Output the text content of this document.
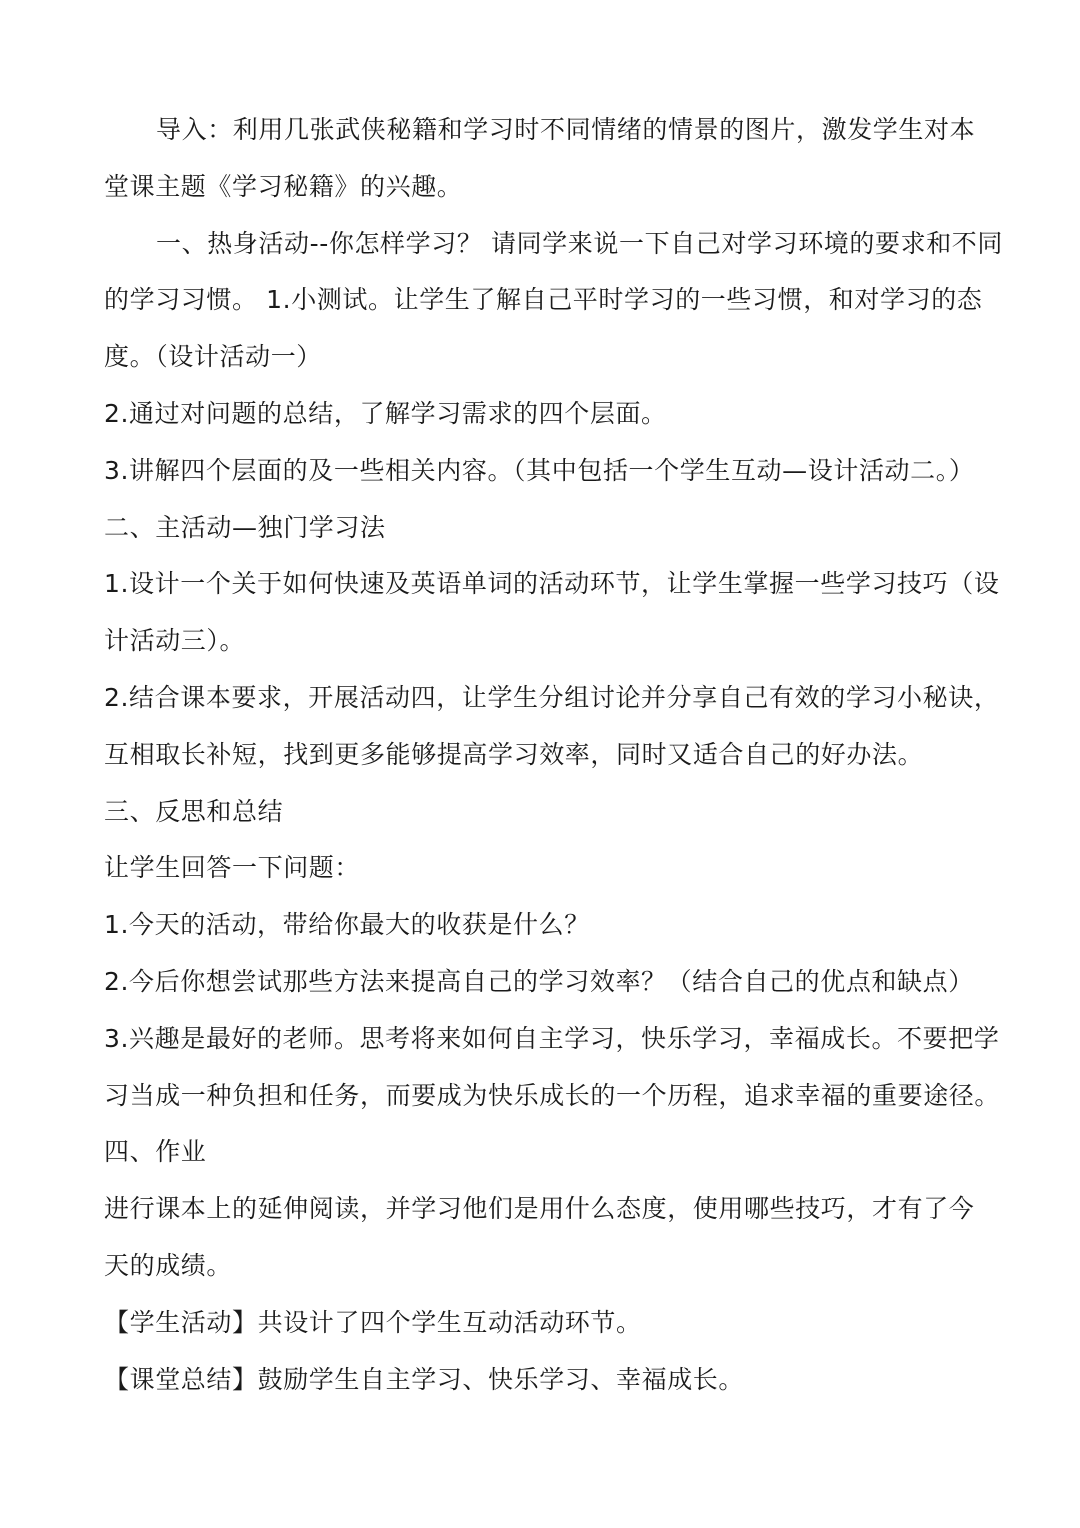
导入：利用几张武侠秘籍和学习时不同情绪的情景的图片，激发学生对本
堂课主题《学习秘籍》的兴趣。
一、热身活动--你怎样学习？ 请同学来说一下自己对学习环境的要求和不同
的学习习惯。 1.小测试。让学生了解自己平时学习的一些习惯，和对学习的态
度。（设计活动一）
2.通过对问题的总结，了解学习需求的四个层面。
3.讲解四个层面的及一些相关内容。（其中包括一个学生互动—设计活动二。）
二、主活动—独门学习法
1.设计一个关于如何快速及英语单词的活动环节，让学生掌握一些学习技巧（设
计活动三）。
2.结合课本要求，开展活动四，让学生分组讨论并分享自己有效的学习小秘诀，
互相取长补短，找到更多能够提高学习效率，同时又适合自己的好办法。
三、反思和总结
让学生回答一下问题：
1.今天的活动，带给你最大的收获是什么？
2.今后你想尝试那些方法来提高自己的学习效率？（结合自己的优点和缺点）
3.兴趣是最好的老师。思考将来如何自主学习，快乐学习，幸福成长。不要把学
习当成一种负担和任务，而要成为快乐成长的一个历程，追求幸福的重要途径。
四、作业
进行课本上的延伸阅读，并学习他们是用什么态度，使用哪些技巧，才有了今
天的成绩。
【学生活动】共设计了四个学生互动活动环节。
【课堂总结】鼓励学生自主学习、快乐学习、幸福成长。
